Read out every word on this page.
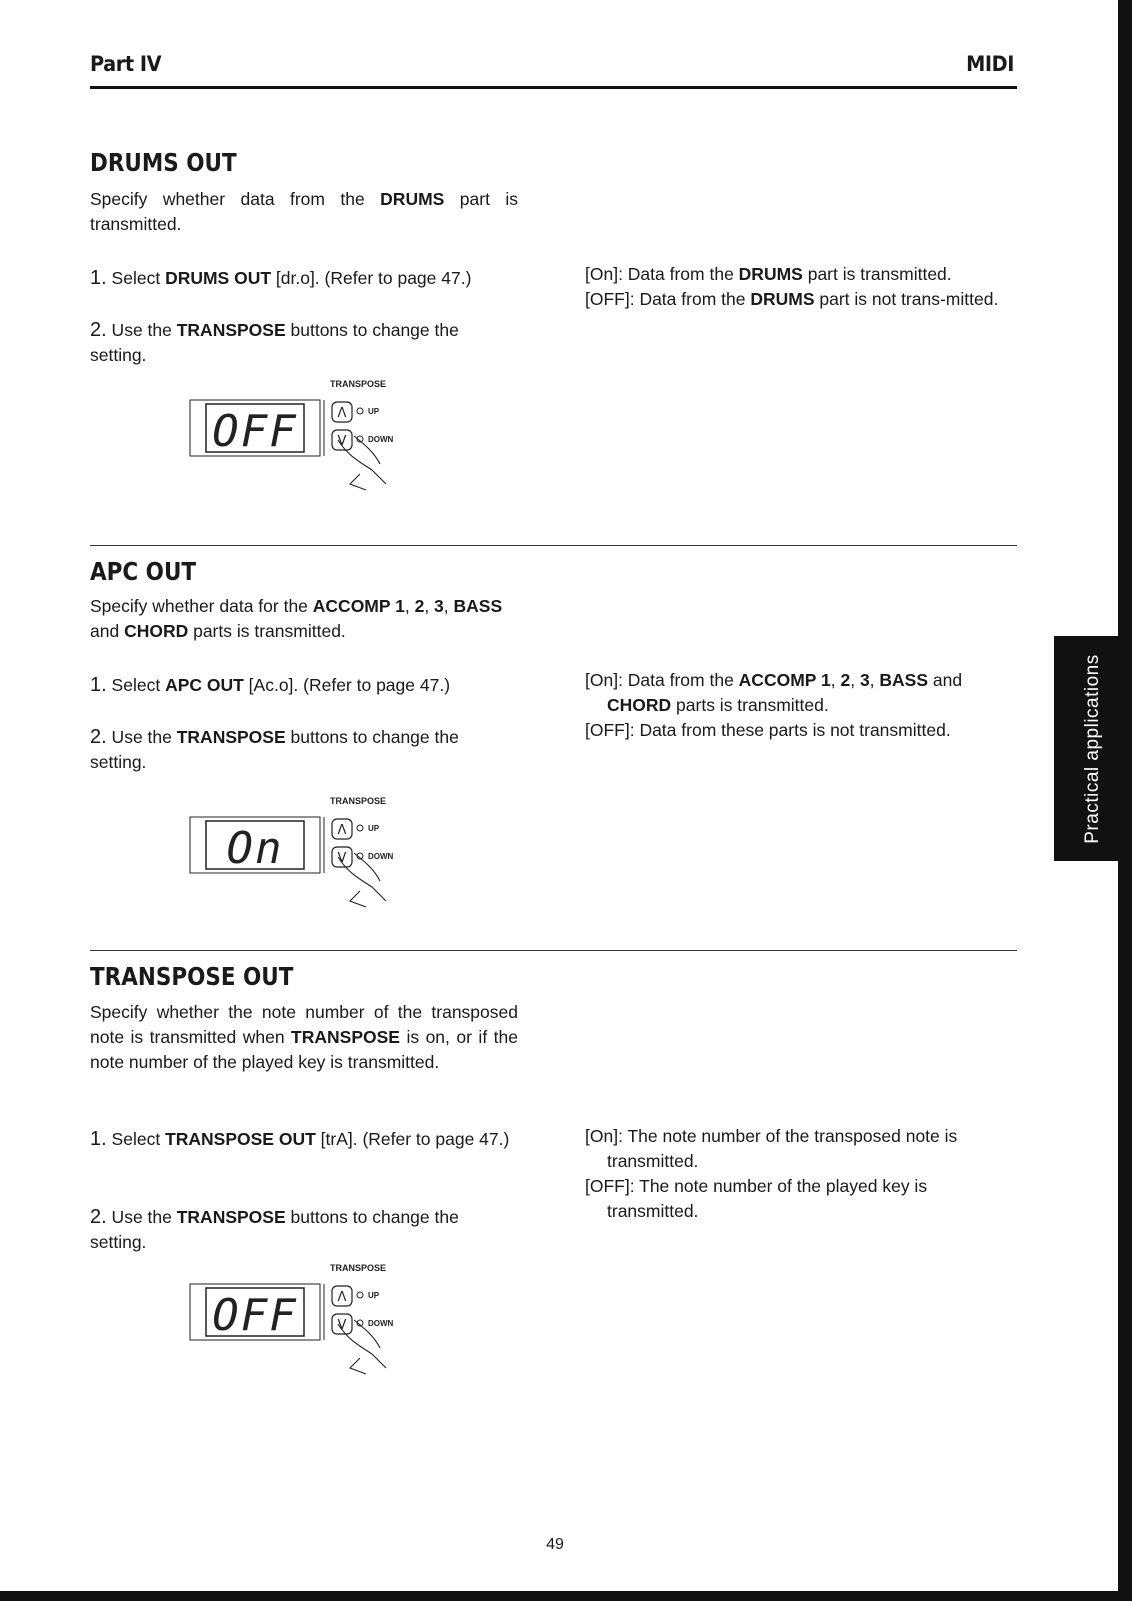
Part IV	MIDI
DRUMS OUT
Specify whether data from the DRUMS part is transmitted.
1. Select DRUMS OUT [dr.o]. (Refer to page 47.)
2. Use the TRANSPOSE buttons to change the setting.
[On]: Data from the DRUMS part is transmitted.
[OFF]: Data from the DRUMS part is not trans-mitted.
OFF
TRANSPOSE
Λ	UP
V	DOWN
APC OUT
Specify whether data for the ACCOMP 1, 2, 3, BASS and CHORD parts is transmitted.
1. Select APC OUT [Ac.o]. (Refer to page 47.)
2. Use the TRANSPOSE buttons to change the setting.
[On]: Data from the ACCOMP 1, 2, 3, BASS and CHORD parts is transmitted.
[OFF]: Data from these parts is not transmitted.
On
TRANSPOSE
Λ	UP
V	DOWN
TRANSPOSE OUT
Specify whether the note number of the transposed note is transmitted when TRANSPOSE is on, or if the note number of the played key is transmitted.
1. Select TRANSPOSE OUT [trA]. (Refer to page 47.)
2. Use the TRANSPOSE buttons to change the setting.
[On]: The note number of the transposed note is transmitted.
[OFF]: The note number of the played key is transmitted.
OFF
TRANSPOSE
Λ	UP
V	DOWN
Practical applications
49
